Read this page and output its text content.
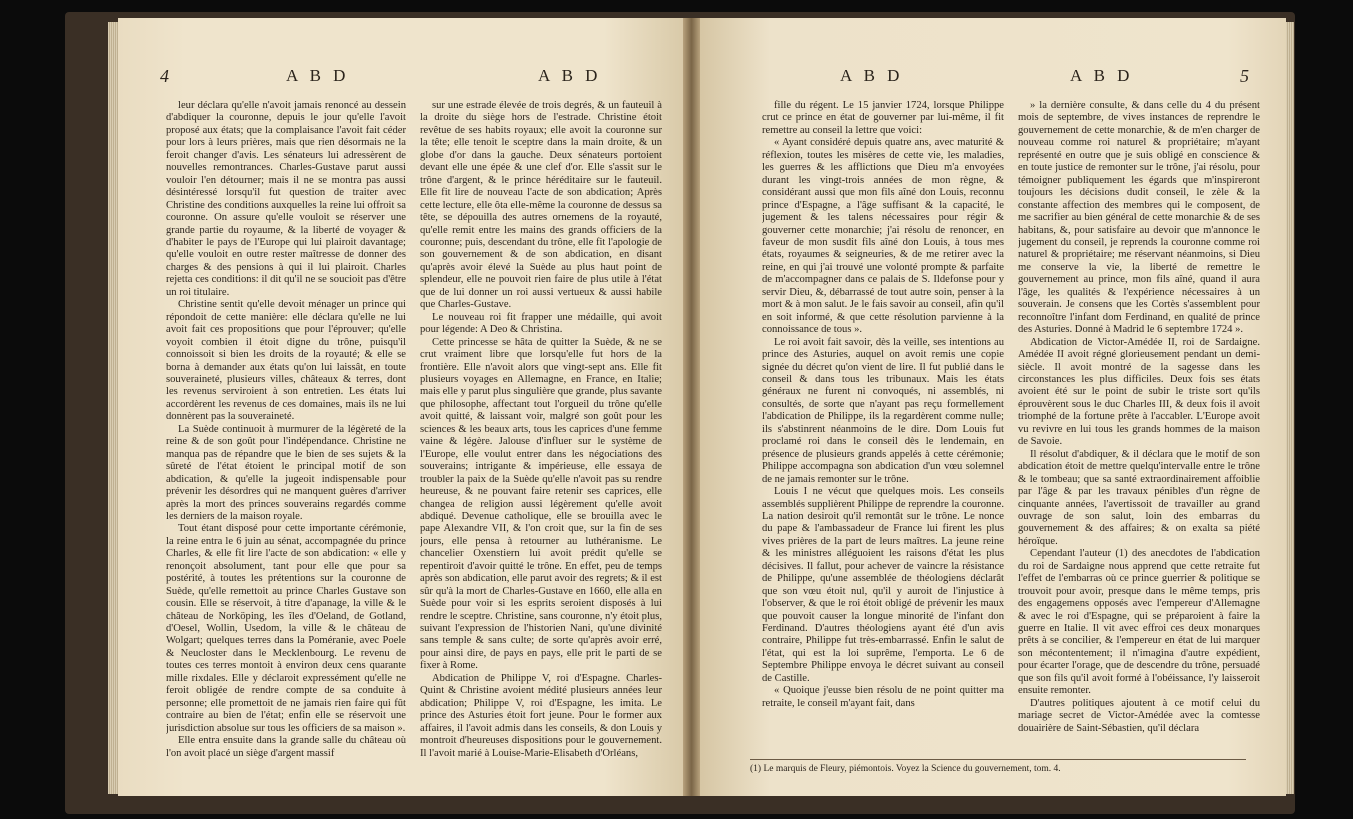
4	A B D	A B D

leur déclara qu'elle n'avoit jamais renoncé au dessein d'abdiquer la couronne, depuis le jour qu'elle l'avoit proposé aux états; que la complaisance l'avoit fait céder pour lors à leurs prières, mais que rien désormais ne la feroit changer d'avis. Les sénateurs lui adressèrent de nouvelles remontrances. Charles-Gustave parut aussi vouloir l'en détourner; mais il ne se montra pas aussi désintéressé lorsqu'il fut question de traiter avec Christine des conditions auxquelles la reine lui offroit sa couronne. On assure qu'elle vouloit se réserver une grande partie du royaume, & la liberté de voyager & d'habiter le pays de l'Europe qui lui plairoit davantage; qu'elle vouloit en outre rester maîtresse de donner des charges & des pensions à qui il lui plairoit. Charles rejetta ces conditions: il dit qu'il ne se soucioit pas d'être un roi titulaire.

Christine sentit qu'elle devoit ménager un prince qui répondoit de cette manière: elle déclara qu'elle ne lui avoit fait ces propositions que pour l'éprouver; qu'elle voyoit combien il étoit digne du trône, puisqu'il connoissoit si bien les droits de la royauté; & elle se borna à demander aux états qu'on lui laissât, en toute souveraineté, plusieurs villes, châteaux & terres, dont les revenus serviroient à son entretien. Les états lui accordèrent les revenus de ces domaines, mais ils ne lui donnèrent pas la souveraineté.

La Suède continuoit à murmurer de la légèreté de la reine & de son goût pour l'indépendance. Christine ne manqua pas de répandre que le bien de ses sujets & la sûreté de l'état étoient le principal motif de son abdication, & qu'elle la jugeoit indispensable pour prévenir les désordres qui ne manquent guères d'arriver après la mort des princes souverains regardés comme les derniers de la maison royale.

Tout étant disposé pour cette importante cérémonie, la reine entra le 6 juin au sénat, accompagnée du prince Charles, & elle fit lire l'acte de son abdication: « elle y renonçoit absolument, tant pour elle que pour sa postérité, à toutes les prétentions sur la couronne de Suède, qu'elle remettoit au prince Charles Gustave son cousin. Elle se réservoit, à titre d'apanage, la ville & le château de Norköping, les îles d'Oeland, de Gotland, d'Oesel, Wollin, Usedom, la ville & le château de Wolgart; quelques terres dans la Poméranie, avec Poele & Neucloster dans le Mecklenbourg. Le revenu de toutes ces terres montoit à environ deux cens quarante mille rixdales. Elle y déclaroit expressément qu'elle ne feroit obligée de rendre compte de sa conduite à personne; elle promettoit de ne jamais rien faire qui fût contraire au bien de l'état; enfin elle se réservoit une jurisdiction absolue sur tous les officiers de sa maison ».

Elle entra ensuite dans la grande salle du château où l'on avoit placé un siège d'argent massif

sur une estrade élevée de trois degrés, & un fauteuil à la droite du siège hors de l'estrade. Christine étoit revêtue de ses habits royaux; elle avoit la couronne sur la tête; elle tenoit le sceptre dans la main droite, & un globe d'or dans la gauche. Deux sénateurs portoient devant elle une épée & une clef d'or. Elle s'assit sur le trône d'argent, & le prince héréditaire sur le fauteuil. Elle fit lire de nouveau l'acte de son abdication; Après cette lecture, elle ôta elle-même la couronne de dessus sa tête, se dépouilla des autres ornemens de la royauté, qu'elle remit entre les mains des grands officiers de la couronne; puis, descendant du trône, elle fit l'apologie de son gouvernement & de son abdication, en disant qu'après avoir élevé la Suède au plus haut point de splendeur, elle ne pouvoit rien faire de plus utile à l'état que de lui donner un roi aussi vertueux & aussi habile que Charles-Gustave.

Le nouveau roi fit frapper une médaille, qui avoit pour légende: A Deo & Christina.

Cette princesse se hâta de quitter la Suède, & ne se crut vraiment libre que lorsqu'elle fut hors de la frontière. Elle n'avoit alors que vingt-sept ans. Elle fit plusieurs voyages en Allemagne, en France, en Italie; mais elle y parut plus singulière que grande, plus savante que philosophe, affectant tout l'orgueil du trône qu'elle avoit quitté, & laissant voir, malgré son goût pour les sciences & les beaux arts, tous les caprices d'une femme vaine & légère. Jalouse d'influer sur le système de l'Europe, elle voulut entrer dans les négociations des souverains; intrigante & impérieuse, elle essaya de troubler la paix de la Suède qu'elle n'avoit pas su rendre heureuse, & ne pouvant faire retenir ses caprices, elle changea de religion aussi légèrement qu'elle avoit abdiqué. Devenue catholique, elle se brouilla avec le pape Alexandre VII, & l'on croit que, sur la fin de ses jours, elle pensa à retourner au luthéranisme. Le chancelier Oxenstiern lui avoit prédit qu'elle se repentiroit d'avoir quitté le trône. En effet, peu de temps après son abdication, elle parut avoir des regrets; & il est sûr qu'à la mort de Charles-Gustave en 1660, elle alla en Suède pour voir si les esprits seroient disposés à lui rendre le sceptre. Christine, sans couronne, n'y étoit plus, suivant l'expression de l'historien Nani, qu'une divinité sans temple & sans culte; de sorte qu'après avoir erré, pour ainsi dire, de pays en pays, elle prit le parti de se fixer à Rome.

Abdication de Philippe V, roi d'Espagne. Charles-Quint & Christine avoient médité plusieurs années leur abdication; Philippe V, roi d'Espagne, les imita. Le prince des Asturies étoit fort jeune. Pour le former aux affaires, il l'avoit admis dans les conseils, & don Louis y montroit d'heureuses dispositions pour le gouvernement. Il l'avoit marié à Louise-Marie-Elisabeth d'Orléans,

A B D	A B D	5

fille du régent. Le 15 janvier 1724, lorsque Philippe crut ce prince en état de gouverner par lui-même, il fit remettre au conseil la lettre que voici:

« Ayant considéré depuis quatre ans, avec maturité & réflexion, toutes les misères de cette vie, les maladies, les guerres & les afflictions que Dieu m'a envoyées durant les vingt-trois années de mon règne, & considérant aussi que mon fils aîné don Louis, reconnu prince d'Espagne, a l'âge suffisant & la capacité, le jugement & les talens nécessaires pour régir & gouverner cette monarchie; j'ai résolu de renoncer, en faveur de mon susdit fils aîné don Louis, à tous mes états, royaumes & seigneuries, & de me retirer avec la reine, en qui j'ai trouvé une volonté prompte & parfaite de m'accompagner dans ce palais de S. Ildefonse pour y servir Dieu, &, débarrassé de tout autre soin, penser à la mort & à mon salut. Je le fais savoir au conseil, afin qu'il en soit informé, & que cette résolution parvienne à la connoissance de tous ».

Le roi avoit fait savoir, dès la veille, ses intentions au prince des Asturies, auquel on avoit remis une copie signée du décret qu'on vient de lire. Il fut publié dans le conseil & dans tous les tribunaux. Mais les états généraux ne furent ni convoqués, ni assemblés, ni consultés, de sorte que n'ayant pas reçu formellement l'abdication de Philippe, ils la regardèrent comme nulle; ils s'abstinrent néanmoins de le dire. Dom Louis fut proclamé roi dans le conseil dès le lendemain, en présence de plusieurs grands appelés à cette cérémonie; Philippe accompagna son abdication d'un vœu solemnel de ne jamais remonter sur le trône.

Louis I ne vécut que quelques mois. Les conseils assemblés supplièrent Philippe de reprendre la couronne. La nation desiroit qu'il remontât sur le trône. Le nonce du pape & l'ambassadeur de France lui firent les plus vives prières de la part de leurs maîtres. La jeune reine & les ministres alléguoient les raisons d'état les plus décisives. Il fallut, pour achever de vaincre la résistance de Philippe, qu'une assemblée de théologiens déclarât que son vœu étoit nul, qu'il y auroit de l'injustice à l'observer, & que le roi étoit obligé de prévenir les maux que pouvoit causer la longue minorité de l'infant don Ferdinand. D'autres théologiens ayant été d'un avis contraire, Philippe fut très-embarrassé. Enfin le salut de l'état, qui est la loi suprême, l'emporta. Le 6 de Septembre Philippe envoya le décret suivant au conseil de Castille.

« Quoique j'eusse bien résolu de ne point quitter ma retraite, le conseil m'ayant fait, dans

» la dernière consulte, & dans celle du 4 du présent mois de septembre, de vives instances de reprendre le gouvernement de cette monarchie, & de m'en charger de nouveau comme roi naturel & propriétaire; m'ayant représenté en outre que je suis obligé en conscience & en toute justice de remonter sur le trône, j'ai résolu, pour témoigner publiquement les égards que m'inspireront toujours les décisions dudit conseil, le zèle & la constante affection des membres qui le composent, de me sacrifier au bien général de cette monarchie & de ses habitans, &, pour satisfaire au devoir que m'annonce le jugement du conseil, je reprends la couronne comme roi naturel & propriétaire; me réservant néanmoins, si Dieu me conserve la vie, la liberté de remettre le gouvernement au prince, mon fils aîné, quand il aura l'âge, les qualités & l'expérience nécessaires à un souverain. Je consens que les Cortès s'assemblent pour reconnoître l'infant dom Ferdinand, en qualité de prince des Asturies. Donné à Madrid le 6 septembre 1724 ».

Abdication de Victor-Amédée II, roi de Sardaigne. Amédée II avoit régné glorieusement pendant un demi-siècle. Il avoit montré de la sagesse dans les circonstances les plus difficiles. Deux fois ses états avoient été sur le point de subir le triste sort qu'ils éprouvèrent sous le duc Charles III, & deux fois il avoit triomphé de la fortune prête à l'accabler. L'Europe avoit vu revivre en lui tous les grands hommes de la maison de Savoie.

Il résolut d'abdiquer, & il déclara que le motif de son abdication étoit de mettre quelqu'intervalle entre le trône & le tombeau; que sa santé extraordinairement affoiblie par l'âge & par les travaux pénibles d'un règne de cinquante années, l'avertissoit de travailler au grand ouvrage de son salut, loin des embarras du gouvernement & des affaires; & on exalta sa piété héroïque.

Cependant l'auteur (1) des anecdotes de l'abdication du roi de Sardaigne nous apprend que cette retraite fut l'effet de l'embarras où ce prince guerrier & politique se trouvoit pour avoir, presque dans le même temps, pris des engagemens opposés avec l'empereur d'Allemagne & avec le roi d'Espagne, qui se préparoient à faire la guerre en Italie. Il vit avec effroi ces deux monarques prêts à se concilier, & l'empereur en état de lui marquer son mécontentement; il n'imagina d'autre expédient, pour écarter l'orage, que de descendre du trône, persuadé que son fils qu'il avoit formé à l'obéissance, l'y laisseroit ensuite remonter.

D'autres politiques ajoutent à ce motif celui du mariage secret de Victor-Amédée avec la comtesse douairière de Saint-Sébastien, qu'il déclara

(1) Le marquis de Fleury, piémontois. Voyez la Science du gouvernement, tom. 4.
